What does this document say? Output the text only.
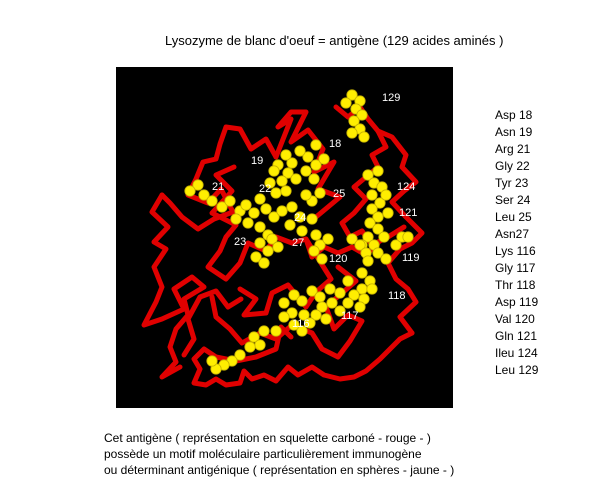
Lysozyme de blanc d'oeuf = antigène (129 acides aminés )
129
18
19
21	22	25
124
24	121
23	27
120	119
118
116
117
Asp 18
Asn 19
Arg 21
Gly 22
Tyr 23
Ser 24
Leu 25
Asn27
Lys 116
Gly 117
Thr 118
Asp 119
Val 120
Gln 121
Ileu 124
Leu 129
Cet antigène ( représentation en squelette carboné - rouge - )
possède un motif moléculaire particulièrement immunogène
ou déterminant antigénique ( représentation en sphères - jaune - )
